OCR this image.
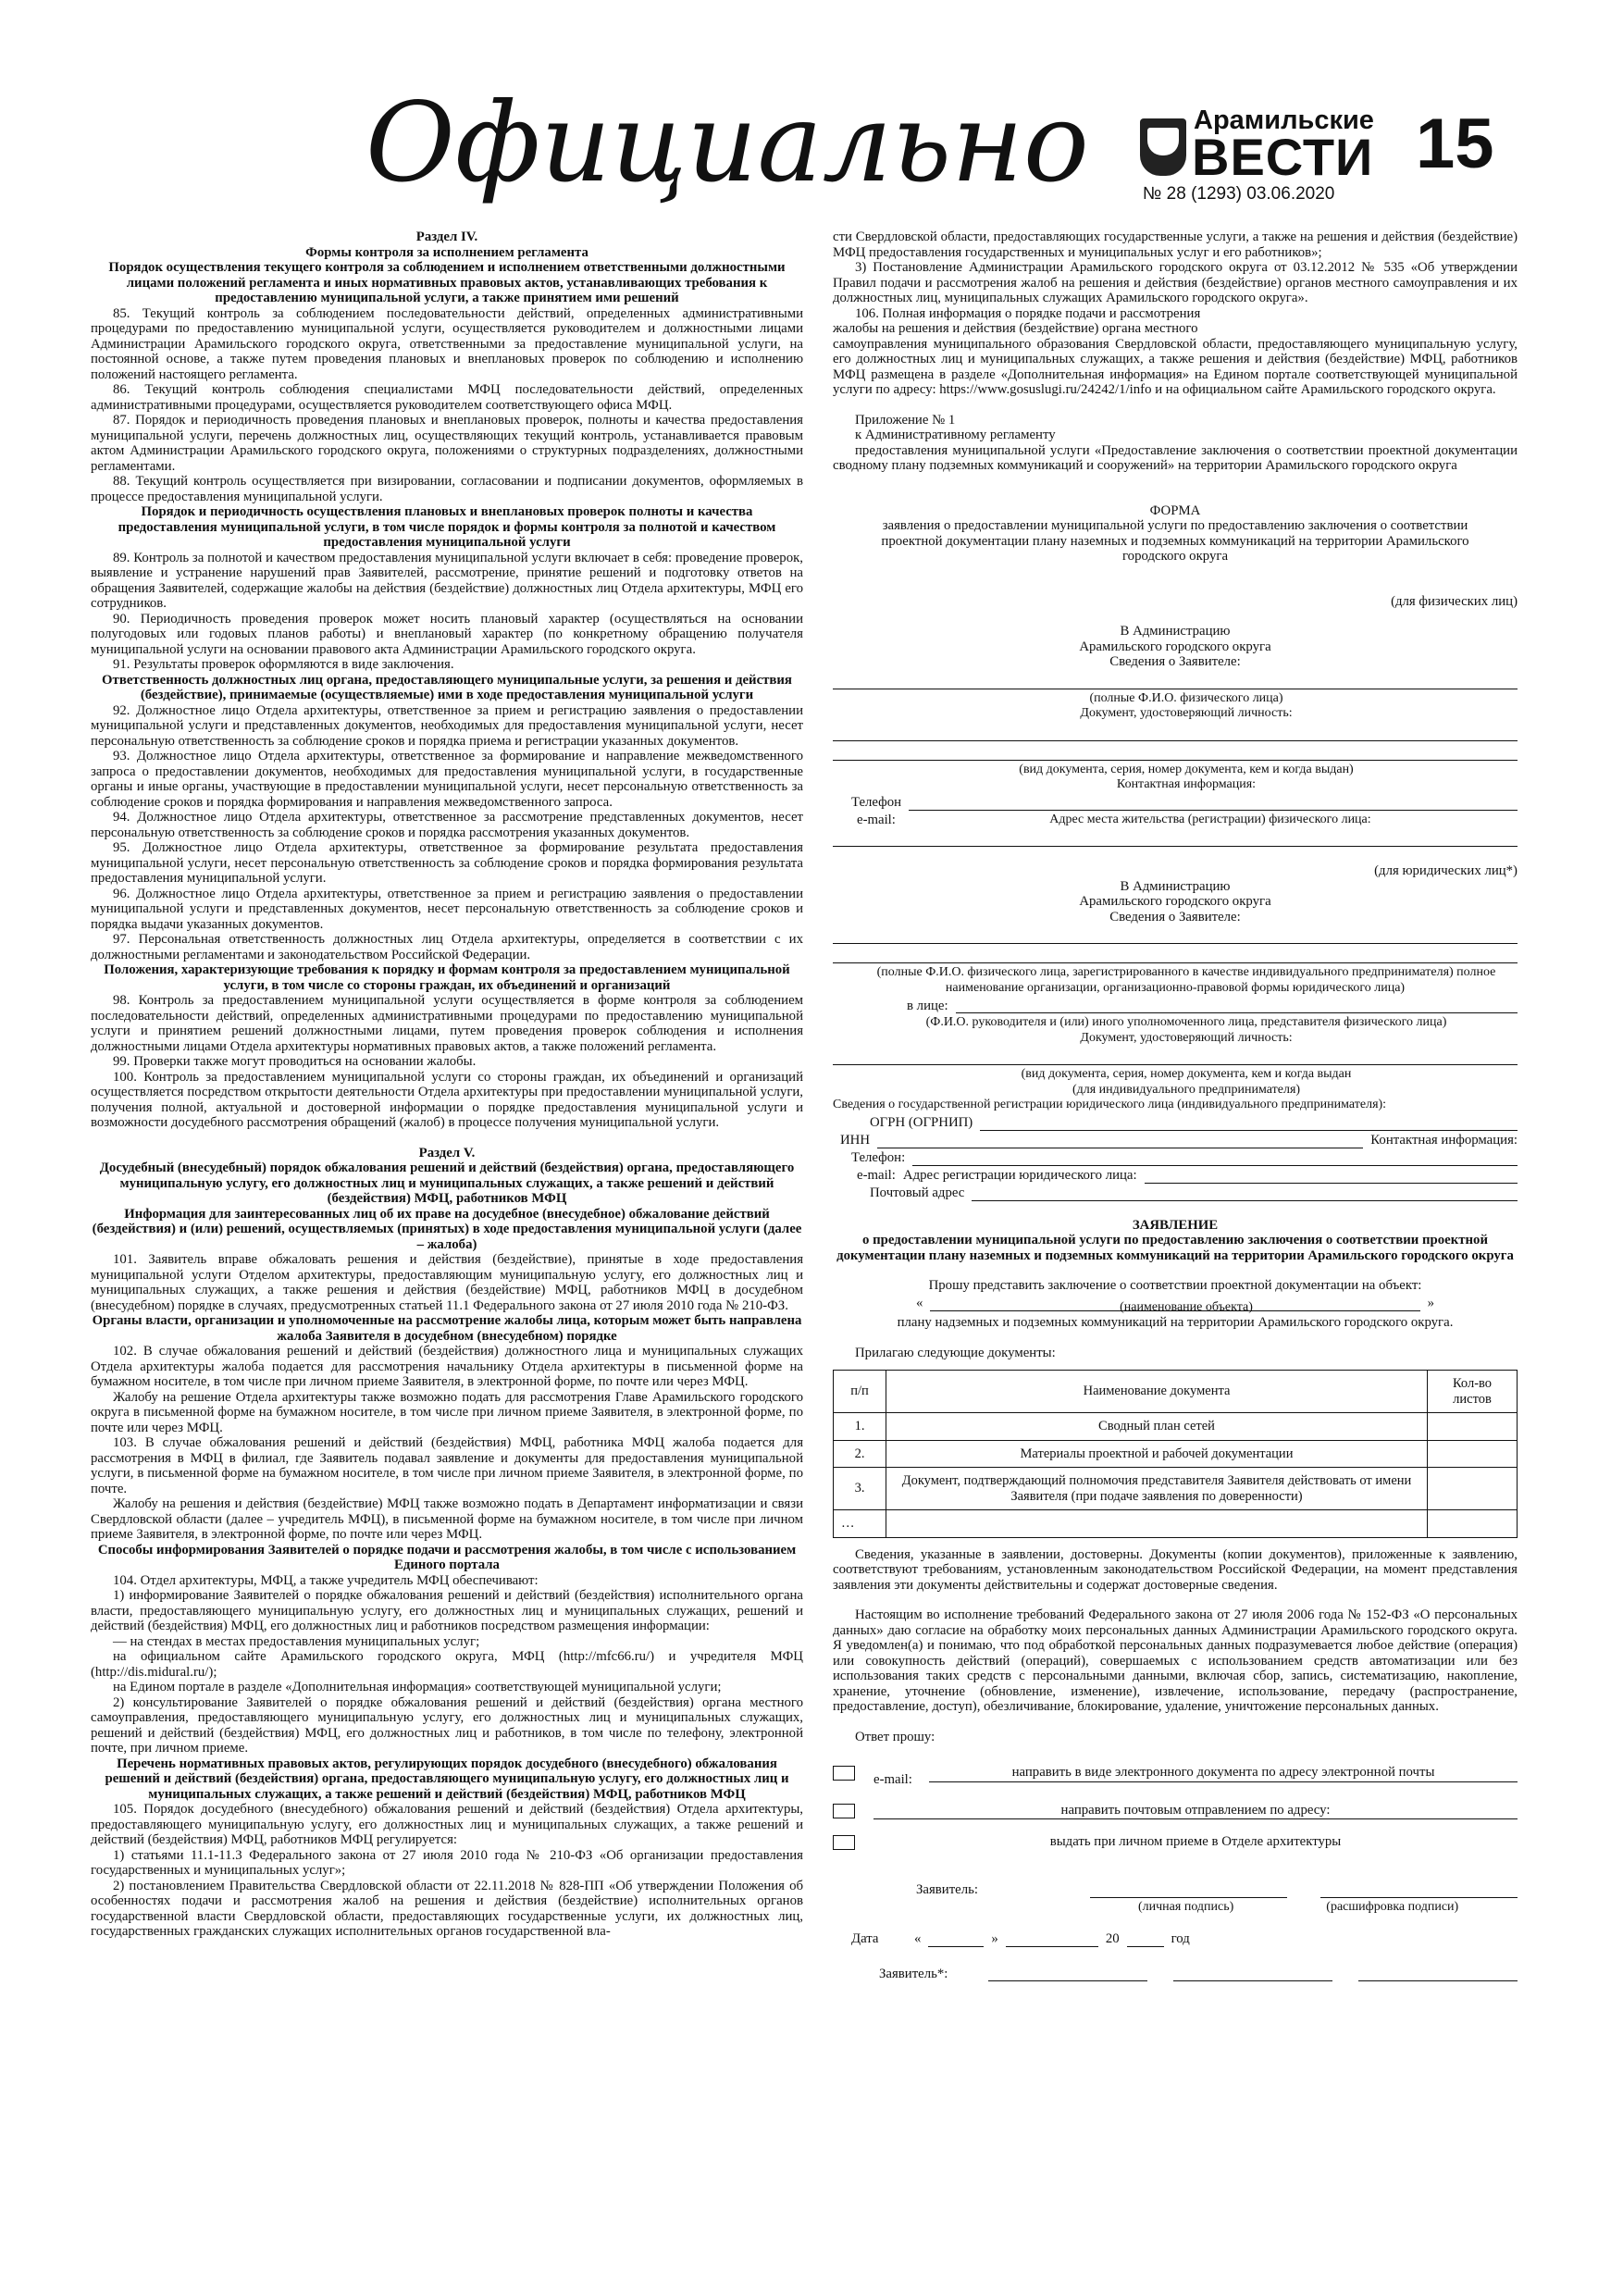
Официально	Арамильские
ВЕСТИ
№ 28 (1293) 03.06.2020
15

Раздел IV.

Формы контроля за исполнением регламента

Порядок осуществления текущего контроля за соблюдением и исполнением ответственными должностными лицами положений регламента и иных нормативных правовых актов, устанавливающих требования к предоставлению муниципальной услуги, а также принятием ими решений

85. Текущий контроль за соблюдением последовательности действий, определенных административными процедурами по предоставлению муниципальной услуги, осуществляется руководителем и должностными лицами Администрации Арамильского городского округа, ответственными за предоставление муниципальной услуги, на постоянной основе, а также путем проведения плановых и внеплановых проверок по соблюдению и исполнению положений настоящего регламента.

86. Текущий контроль соблюдения специалистами МФЦ последовательности действий, определенных административными процедурами, осуществляется руководителем соответствующего офиса МФЦ.

87. Порядок и периодичность проведения плановых и внеплановых проверок, полноты и качества предоставления муниципальной услуги, перечень должностных лиц, осуществляющих текущий контроль, устанавливается правовым актом Администрации Арамильского городского округа, положениями о структурных подразделениях, должностными регламентами.

88. Текущий контроль осуществляется при визировании, согласовании и подписании документов, оформляемых в процессе предоставления муниципальной услуги.

Порядок и периодичность осуществления плановых и внеплановых проверок полноты и качества предоставления муниципальной услуги, в том числе порядок и формы контроля за полнотой и качеством предоставления муниципальной услуги

89. Контроль за полнотой и качеством предоставления муниципальной услуги включает в себя: проведение проверок, выявление и устранение нарушений прав Заявителей, рассмотрение, принятие решений и подготовку ответов на обращения Заявителей, содержащие жалобы на действия (бездействие) должностных лиц Отдела архитектуры, МФЦ его сотрудников.

90. Периодичность проведения проверок может носить плановый характер (осуществляться на основании полугодовых или годовых планов работы) и внеплановый характер (по конкретному обращению получателя муниципальной услуги на основании правового акта Администрации Арамильского городского округа.

91. Результаты проверок оформляются в виде заключения.

Ответственность должностных лиц органа, предоставляющего муниципальные услуги, за решения и действия (бездействие), принимаемые (осуществляемые) ими в ходе предоставления муниципальной услуги

92. Должностное лицо Отдела архитектуры, ответственное за прием и регистрацию заявления о предоставлении муниципальной услуги и представленных документов, необходимых для предоставления муниципальной услуги, несет персональную ответственность за соблюдение сроков и порядка приема и регистрации указанных документов.

93. Должностное лицо Отдела архитектуры, ответственное за формирование и направление межведомственного запроса о предоставлении документов, необходимых для предоставления муниципальной услуги, в государственные органы и иные органы, участвующие в предоставлении муниципальной услуги, несет персональную ответственность за соблюдение сроков и порядка формирования и направления межведомственного запроса.

94. Должностное лицо Отдела архитектуры, ответственное за рассмотрение представленных документов, несет персональную ответственность за соблюдение сроков и порядка рассмотрения указанных документов.

95. Должностное лицо Отдела архитектуры, ответственное за формирование результата предоставления муниципальной услуги, несет персональную ответственность за соблюдение сроков и порядка формирования результата предоставления муниципальной услуги.

96. Должностное лицо Отдела архитектуры, ответственное за прием и регистрацию заявления о предоставлении муниципальной услуги и представленных документов, несет персональную ответственность за соблюдение сроков и порядка выдачи указанных документов.

97. Персональная ответственность должностных лиц Отдела архитектуры, определяется в соответствии с их должностными регламентами и законодательством Российской Федерации.

Положения, характеризующие требования к порядку и формам контроля за предоставлением муниципальной услуги, в том числе со стороны граждан, их объединений и организаций

98. Контроль за предоставлением муниципальной услуги осуществляется в форме контроля за соблюдением последовательности действий, определенных административными процедурами по предоставлению муниципальной услуги и принятием решений должностными лицами, путем проведения проверок соблюдения и исполнения должностными лицами Отдела архитектуры нормативных правовых актов, а также положений регламента.

99. Проверки также могут проводиться на основании жалобы.

100. Контроль за предоставлением муниципальной услуги со стороны граждан, их объединений и организаций осуществляется посредством открытости деятельности Отдела архитектуры при предоставлении муниципальной услуги, получения полной, актуальной и достоверной информации о порядке предоставления муниципальной услуги и возможности досудебного рассмотрения обращений (жалоб) в процессе получения муниципальной услуги.

Раздел V.

Досудебный (внесудебный) порядок обжалования решений и действий (бездействия) органа, предоставляющего муниципальную услугу, его должностных лиц и муниципальных служащих, а также решений и действий (бездействия) МФЦ, работников МФЦ

Информация для заинтересованных лиц об их праве на досудебное (внесудебное) обжалование действий (бездействия) и (или) решений, осуществляемых (принятых) в ходе предоставления муниципальной услуги (далее – жалоба)

101. Заявитель вправе обжаловать решения и действия (бездействие), принятые в ходе предоставления муниципальной услуги Отделом архитектуры, предоставляющим муниципальную услугу, его должностных лиц и муниципальных служащих, а также решения и действия (бездействие) МФЦ, работников МФЦ в досудебном (внесудебном) порядке в случаях, предусмотренных статьей 11.1 Федерального закона от 27 июля 2010 года № 210-ФЗ.

Органы власти, организации и уполномоченные на рассмотрение жалобы лица, которым может быть направлена жалоба Заявителя в досудебном (внесудебном) порядке

102. В случае обжалования решений и действий (бездействия) должностного лица и муниципальных служащих Отдела архитектуры жалоба подается для рассмотрения начальнику Отдела архитектуры в письменной форме на бумажном носителе, в том числе при личном приеме Заявителя, в электронной форме, по почте или через МФЦ.

Жалобу на решение Отдела архитектуры также возможно подать для рассмотрения Главе Арамильского городского округа в письменной форме на бумажном носителе, в том числе при личном приеме Заявителя, в электронной форме, по почте или через МФЦ.

103. В случае обжалования решений и действий (бездействия) МФЦ, работника МФЦ жалоба подается для рассмотрения в МФЦ в филиал, где Заявитель подавал заявление и документы для предоставления муниципальной услуги, в письменной форме на бумажном носителе, в том числе при личном приеме Заявителя, в электронной форме, по почте.

Жалобу на решения и действия (бездействие) МФЦ также возможно подать в Департамент информатизации и связи Свердловской области (далее – учредитель МФЦ), в письменной форме на бумажном носителе, в том числе при личном приеме Заявителя, в электронной форме, по почте или через МФЦ.

Способы информирования Заявителей о порядке подачи и рассмотрения жалобы, в том числе с использованием Единого портала

104. Отдел архитектуры, МФЦ, а также учредитель МФЦ обеспечивают:

1) информирование Заявителей о порядке обжалования решений и действий (бездействия) исполнительного органа власти, предоставляющего муниципальную услугу, его должностных лиц и муниципальных служащих, решений и действий (бездействия) МФЦ, его должностных лиц и работников посредством размещения информации:

— на стендах в местах предоставления муниципальных услуг;

на официальном сайте Арамильского городского округа, МФЦ (http://mfc66.ru/) и учредителя МФЦ (http://dis.midural.ru/);

на Едином портале в разделе «Дополнительная информация» соответствующей муниципальной услуги;

2) консультирование Заявителей о порядке обжалования решений и действий (бездействия) органа местного самоуправления, предоставляющего муниципальную услугу, его должностных лиц и муниципальных служащих, решений и действий (бездействия) МФЦ, его должностных лиц и работников, в том числе по телефону, электронной почте, при личном приеме.

Перечень нормативных правовых актов, регулирующих порядок досудебного (внесудебного) обжалования решений и действий (бездействия) органа, предоставляющего муниципальную услугу, его должностных лиц и муниципальных служащих, а также решений и действий (бездействия) МФЦ, работников МФЦ

105. Порядок досудебного (внесудебного) обжалования решений и действий (бездействия) Отдела архитектуры, предоставляющего муниципальную услугу, его должностных лиц и муниципальных служащих, а также решений и действий (бездействия) МФЦ, работников МФЦ регулируется:

1) статьями 11.1-11.3 Федерального закона от 27 июля 2010 года № 210-ФЗ «Об организации предоставления государственных и муниципальных услуг»;

2) постановлением Правительства Свердловской области от 22.11.2018 № 828-ПП «Об утверждении Положения об особенностях подачи и рассмотрения жалоб на решения и действия (бездействие) исполнительных органов государственной власти Свердловской области, предоставляющих государственные услуги, их должностных лиц, государственных гражданских служащих исполнительных органов государственной вла-

сти Свердловской области, предоставляющих государственные услуги, а также на решения и действия (бездействие) МФЦ предоставления государственных и муниципальных услуг и его работников»;

3) Постановление Администрации Арамильского городского округа от 03.12.2012 № 535 «Об утверждении Правил подачи и рассмотрения жалоб на решения и действия (бездействие) органов местного самоуправления и их должностных лиц, муниципальных служащих Арамильского городского округа».

106. Полная информация о порядке подачи и рассмотрения

жалобы на решения и действия (бездействие) органа местного

самоуправления муниципального образования Свердловской области, предоставляющего муниципальную услугу, его должностных лиц и муниципальных служащих, а также решения и действия (бездействие) МФЦ, работников МФЦ размещена в разделе «Дополнительная информация» на Едином портале соответствующей муниципальной услуги по адресу: https://www.gosuslugi.ru/24242/1/info и на официальном сайте Арамильского городского округа.

Приложение № 1

к Административному регламенту

предоставления муниципальной услуги «Предоставление заключения о соответствии проектной документации сводному плану подземных коммуникаций и сооружений» на территории Арамильского городского округа

ФОРМА

заявления о предоставлении муниципальной услуги по предоставлению заключения о соответствии проектной документации плану наземных и подземных коммуникаций на территории Арамильского городского округа

(для физических лиц)

В Администрацию

Арамильского городского округа

Сведения о Заявителе:

(полные Ф.И.О. физического лица)

Документ, удостоверяющий личность:

(вид документа, серия, номер документа, кем и когда выдан)

Контактная информация:

Телефон
e-mail:	Адрес места жительства (регистрации) физического лица:

(для юридических лиц*)

В Администрацию

Арамильского городского округа

Сведения о Заявителе:

(полные Ф.И.О. физического лица, зарегистрированного в качестве индивидуального предпринимателя) полное наименование организации, организационно-правовой формы юридического лица)

в лице:

(Ф.И.О. руководителя и (или) иного уполномоченного лица, представителя физического лица)

Документ, удостоверяющий личность:

(вид документа, серия, номер документа, кем и когда выдан

(для индивидуального предпринимателя)

Сведения о государственной регистрации юридического лица (индивидуального предпринимателя):

ОГРН (ОГРНИП)
ИНН	Контактная информация:
Телефон:
e-mail: Адрес регистрации юридического лица:
Почтовый адрес

ЗАЯВЛЕНИЕ

о предоставлении муниципальной услуги по предоставлению заключения о соответствии проектной документации плану наземных и подземных коммуникаций на территории Арамильского городского округа

Прошу представить заключение о соответствии проектной документации на объект:

«	»

(наименование объекта)

плану надземных и подземных коммуникаций на территории Арамильского городского округа.

Прилагаю следующие документы:

п/п	Наименование документа	Кол-во листов
1.	Сводный план сетей	
2.	Материалы проектной и рабочей документации	
3.	Документ, подтверждающий полномочия представителя Заявителя действовать от имени Заявителя (при подаче заявления по доверенности)	
…		

Сведения, указанные в заявлении, достоверны. Документы (копии документов), приложенные к заявлению, соответствуют требованиям, установленным законодательством Российской Федерации, на момент представления заявления эти документы действительны и содержат достоверные сведения.

Настоящим во исполнение требований Федерального закона от 27 июля 2006 года № 152-ФЗ «О персональных данных» даю согласие на обработку моих персональных данных Администрации Арамильского городского округа. Я уведомлен(а) и понимаю, что под обработкой персональных данных подразумевается любое действие (операция) или совокупность действий (операций), совершаемых с использованием средств автоматизации или без использования таких средств с персональными данными, включая сбор, запись, систематизацию, накопление, хранение, уточнение (обновление, изменение), извлечение, использование, передачу (распространение, предоставление, доступ), обезличивание, блокирование, удаление, уничтожение персональных данных.

Ответ прошу:

e-mail:	направить в виде электронного документа по адресу электронной почты
направить почтовым отправлением по адресу:
выдать при личном приеме в Отделе архитектуры
Заявитель:
(личная подпись)	(расшифровка подписи)
Дата	«	»	20	год
Заявитель*:
